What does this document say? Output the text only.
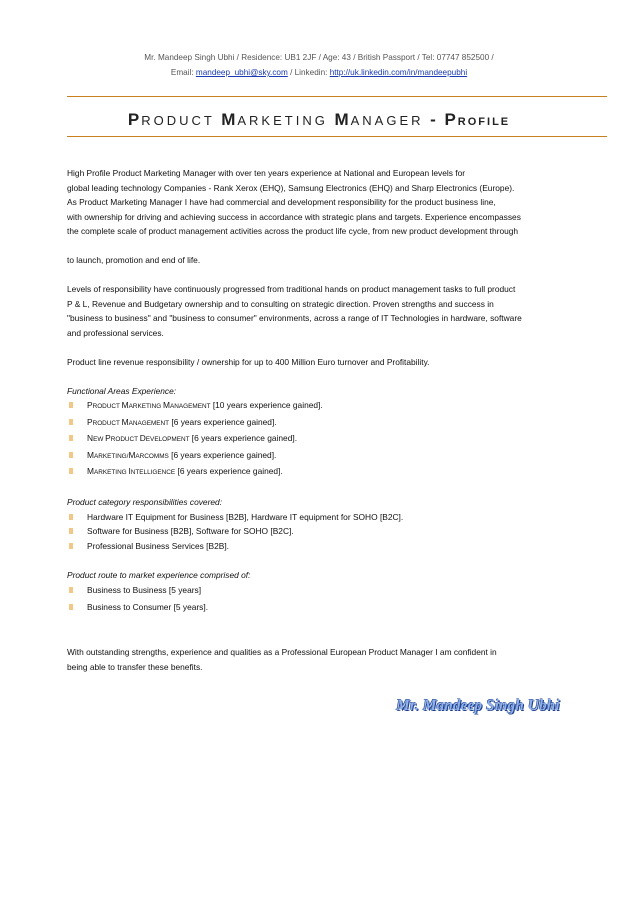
Mr. Mandeep Singh Ubhi / Residence: UB1 2JF / Age: 43 / British Passport / Tel: 07747 852500 /
Email: mandeep_ubhi@sky.com / Linkedin: http://uk.linkedin.com/in/mandeepubhi
PRODUCT MARKETING MANAGER - PROFILE

High Profile Product Marketing Manager with over ten years experience at National and European levels for

global leading technology Companies - Rank Xerox (EHQ), Samsung Electronics (EHQ) and Sharp Electronics (Europe).

As Product Marketing Manager I have had commercial and development responsibility for the product business line,

with ownership for driving and achieving success in accordance with strategic plans and targets. Experience encompasses

the complete scale of product management activities across the product life cycle, from new product development through

to launch, promotion and end of life.

Levels of responsibility have continuously progressed from traditional hands on product management tasks to full product

P & L, Revenue and Budgetary ownership and to consulting on strategic direction. Proven strengths and success in

"business to business" and "business to consumer" environments, across a range of IT Technologies in hardware, software

and professional services.

Product line revenue responsibility / ownership for up to 400 Million Euro turnover and Profitability.

Functional Areas Experience:

PRODUCT MARKETING MANAGEMENT [10 years experience gained].
PRODUCT MANAGEMENT [6 years experience gained].
NEW PRODUCT DEVELOPMENT [6 years experience gained].
MARKETING/MARCOMMS [6 years experience gained].
MARKETING INTELLIGENCE [6 years experience gained].

Product category responsibilities covered:

Hardware IT Equipment for Business [B2B], Hardware IT equipment for SOHO [B2C].
Software for Business [B2B], Software for SOHO [B2C].
Professional Business Services [B2B].

Product route to market experience comprised of:

Business to Business [5 years]
Business to Consumer [5 years].

With outstanding strengths, experience and qualities as a Professional European Product Manager I am confident in

being able to transfer these benefits.

Mr. Mandeep Singh Ubhi
